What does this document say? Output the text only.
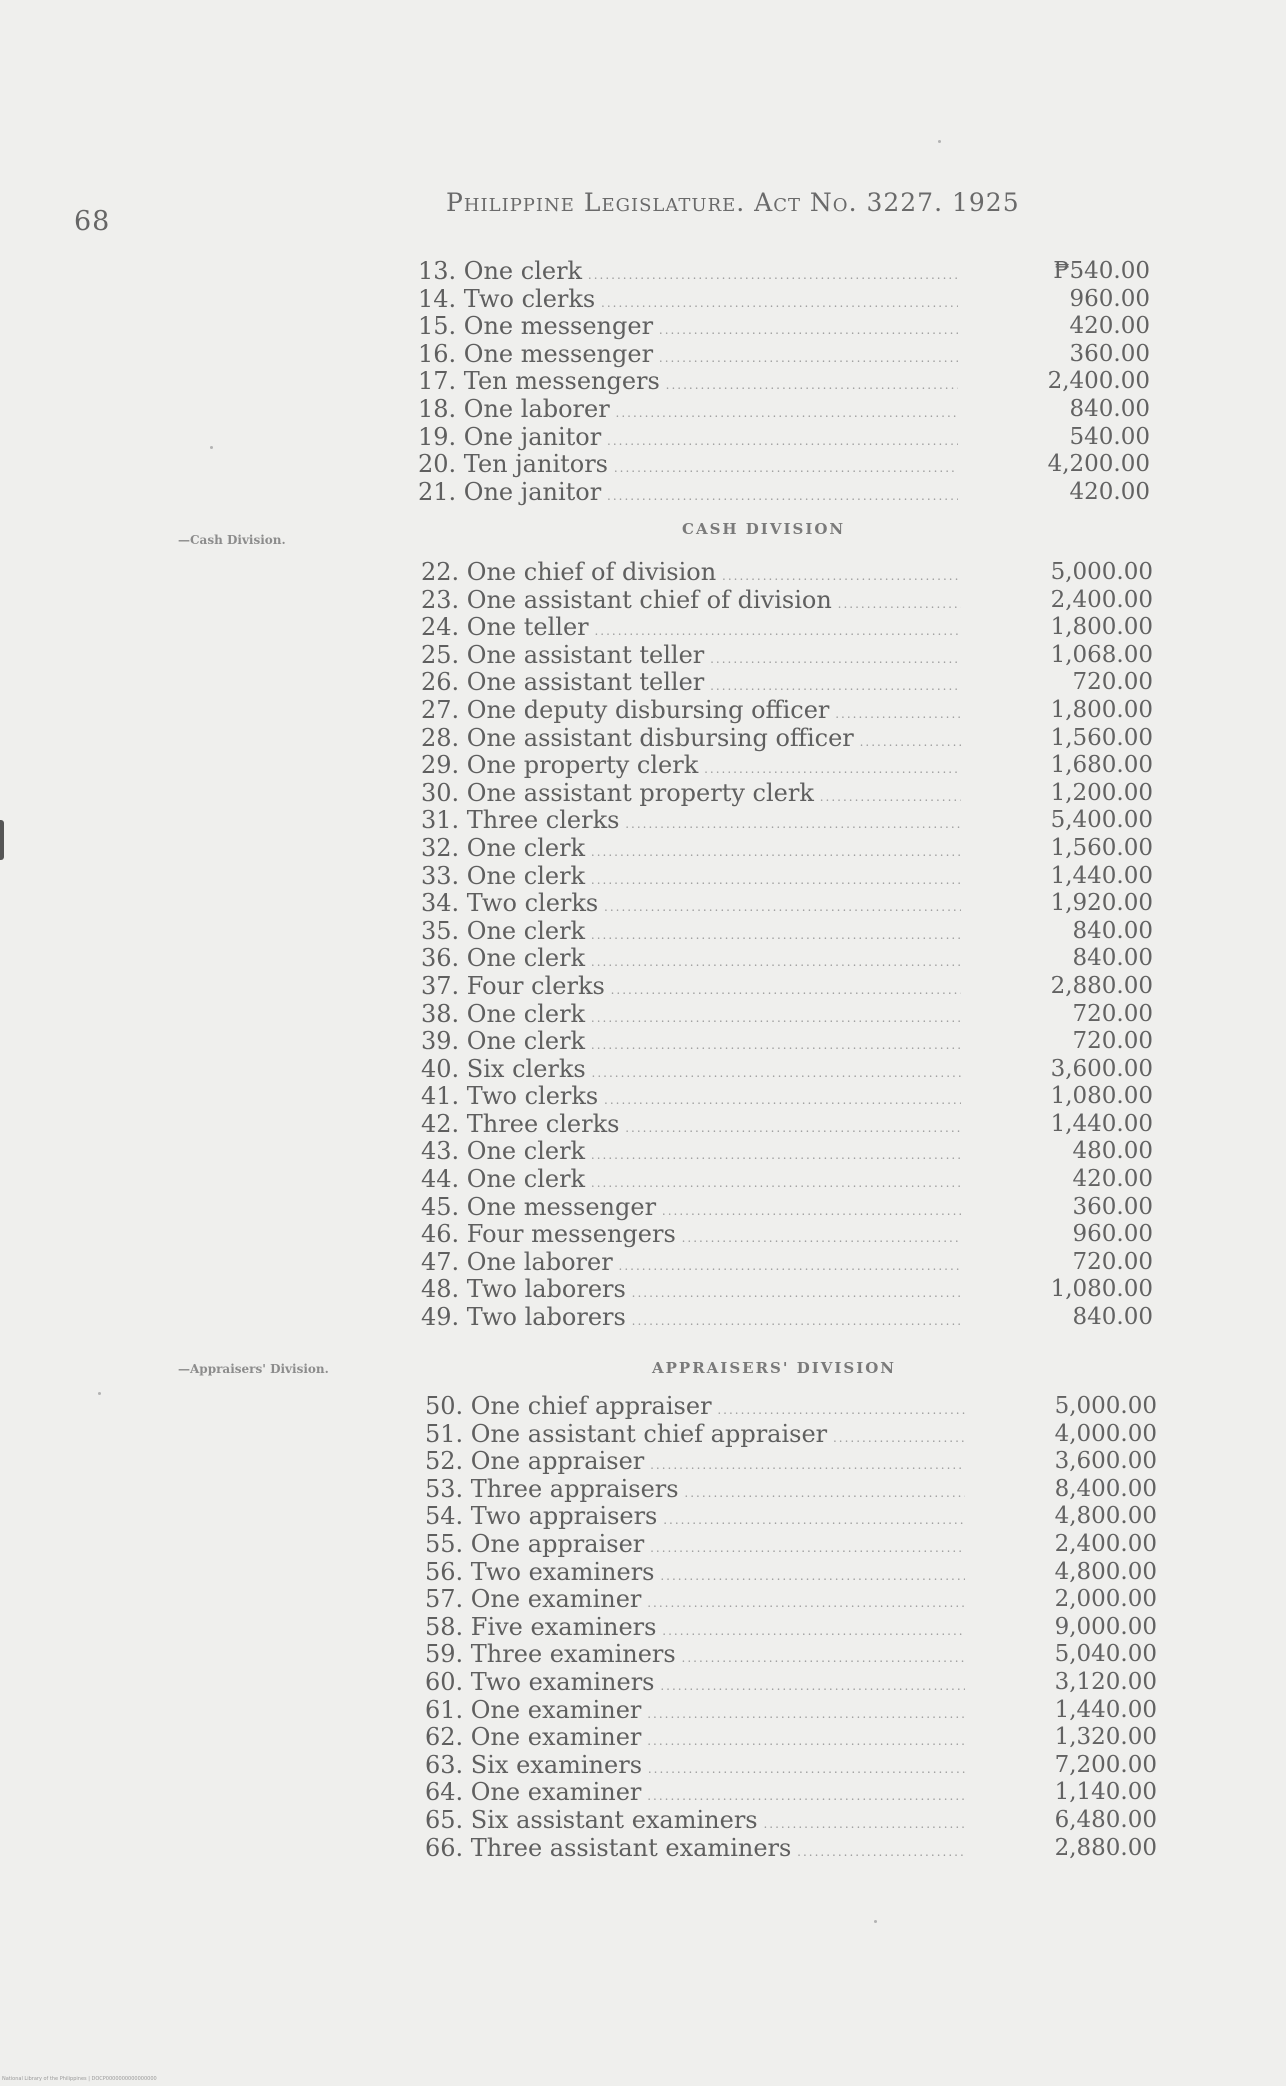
68
Philippine Legislature. Act No. 3227. 1925
13. One clerk .....	₱540.00
14. Two clerks .....	960.00
15. One messenger .....	420.00
16. One messenger .....	360.00
17. Ten messengers .....	2,400.00
18. One laborer .....	840.00
19. One janitor .....	540.00
20. Ten janitors .....	4,200.00
21. One janitor .....	420.00
—Cash Division.
CASH DIVISION
22. One chief of division .....	5,000.00
23. One assistant chief of division .....	2,400.00
24. One teller .....	1,800.00
25. One assistant teller .....	1,068.00
26. One assistant teller .....	720.00
27. One deputy disbursing officer .....	1,800.00
28. One assistant disbursing officer .....	1,560.00
29. One property clerk .....	1,680.00
30. One assistant property clerk .....	1,200.00
31. Three clerks .....	5,400.00
32. One clerk .....	1,560.00
33. One clerk .....	1,440.00
34. Two clerks .....	1,920.00
35. One clerk .....	840.00
36. One clerk .....	840.00
37. Four clerks .....	2,880.00
38. One clerk .....	720.00
39. One clerk .....	720.00
40. Six clerks .....	3,600.00
41. Two clerks .....	1,080.00
42. Three clerks .....	1,440.00
43. One clerk .....	480.00
44. One clerk .....	420.00
45. One messenger .....	360.00
46. Four messengers .....	960.00
47. One laborer .....	720.00
48. Two laborers .....	1,080.00
49. Two laborers .....	840.00
—Appraisers' Division.	APPRAISERS' DIVISION
50. One chief appraiser .....	5,000.00
51. One assistant chief appraiser .....	4,000.00
52. One appraiser .....	3,600.00
53. Three appraisers .....	8,400.00
54. Two appraisers .....	4,800.00
55. One appraiser .....	2,400.00
56. Two examiners .....	4,800.00
57. One examiner .....	2,000.00
58. Five examiners .....	9,000.00
59. Three examiners .....	5,040.00
60. Two examiners .....	3,120.00
61. One examiner .....	1,440.00
62. One examiner .....	1,320.00
63. Six examiners .....	7,200.00
64. One examiner .....	1,140.00
65. Six assistant examiners .....	6,480.00
66. Three assistant examiners .....	2,880.00
National Library of the Philippines | DOCP0000000000000000
